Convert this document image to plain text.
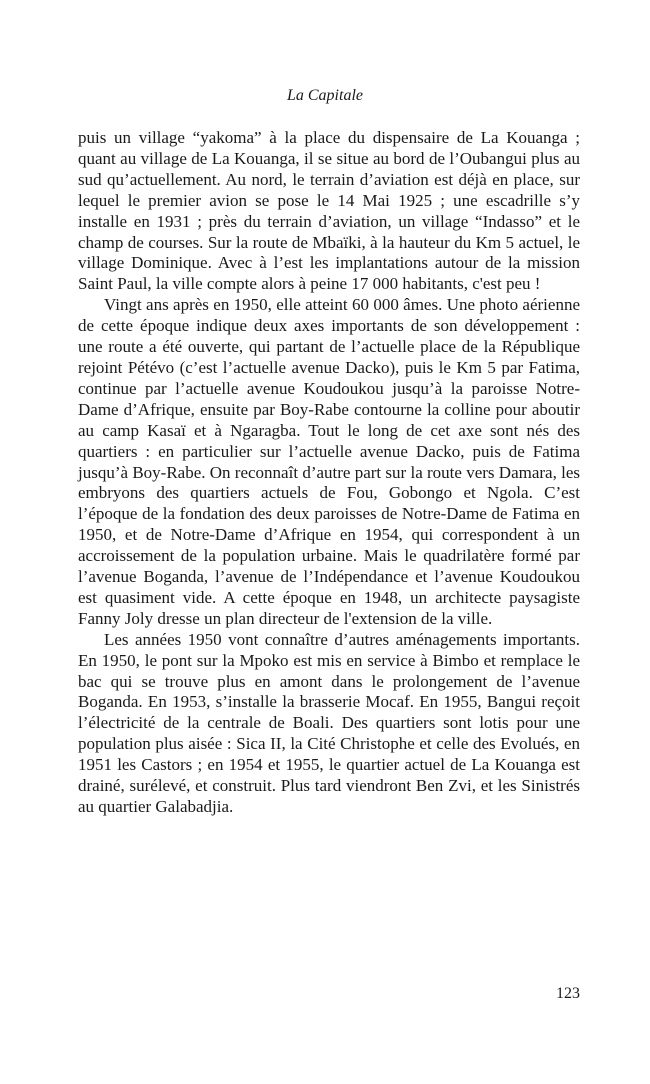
La Capitale

puis un village “yakoma” à la place du dispensaire de La Kouanga ; quant au village de La Kouanga, il se situe au bord de l’Oubangui plus au sud qu’actuellement. Au nord, le terrain d’aviation est déjà en place, sur lequel le premier avion se pose le 14 Mai 1925 ; une escadrille s’y installe en 1931 ; près du terrain d’aviation, un village “Indasso” et le champ de courses. Sur la route de Mbaïki, à la hauteur du Km 5 actuel, le village Dominique. Avec à l’est les implantations autour de la mission Saint Paul, la ville compte alors à peine 17 000 habitants, c'est peu !

Vingt ans après en 1950, elle atteint 60 000 âmes. Une photo aérienne de cette époque indique deux axes importants de son développement : une route a été ouverte, qui partant de l’actuelle place de la République rejoint Pétévo (c’est l’actuelle avenue Dacko), puis le Km 5 par Fatima, continue par l’actuelle avenue Koudoukou jusqu’à la paroisse Notre-Dame d’Afrique, ensuite par Boy-Rabe contourne la colline pour aboutir au camp Kasaï et à Ngaragba. Tout le long de cet axe sont nés des quartiers : en particulier sur l’actuelle avenue Dacko, puis de Fatima jusqu’à Boy-Rabe. On reconnaît d’autre part sur la route vers Damara, les embryons des quartiers actuels de Fou, Gobongo et Ngola. C’est l’époque de la fondation des deux paroisses de Notre-Dame de Fatima en 1950, et de Notre-Dame d’Afrique en 1954, qui correspondent à un accroissement de la population urbaine. Mais le quadrilatère formé par l’avenue Boganda, l’avenue de l’Indépendance et l’avenue Koudoukou est quasiment vide. A cette époque en 1948, un architecte paysagiste Fanny Joly dresse un plan directeur de l'extension de la ville.

Les années 1950 vont connaître d’autres aménagements importants. En 1950, le pont sur la Mpoko est mis en service à Bimbo et remplace le bac qui se trouve plus en amont dans le prolongement de l’avenue Boganda. En 1953, s’installe la brasserie Mocaf. En 1955, Bangui reçoit l’électricité de la centrale de Boali. Des quartiers sont lotis pour une population plus aisée : Sica II, la Cité Christophe et celle des Evolués, en 1951 les Castors ; en 1954 et 1955, le quartier actuel de La Kouanga est drainé, surélevé, et construit. Plus tard viendront Ben Zvi, et les Sinistrés au quartier Galabadjia.

123
